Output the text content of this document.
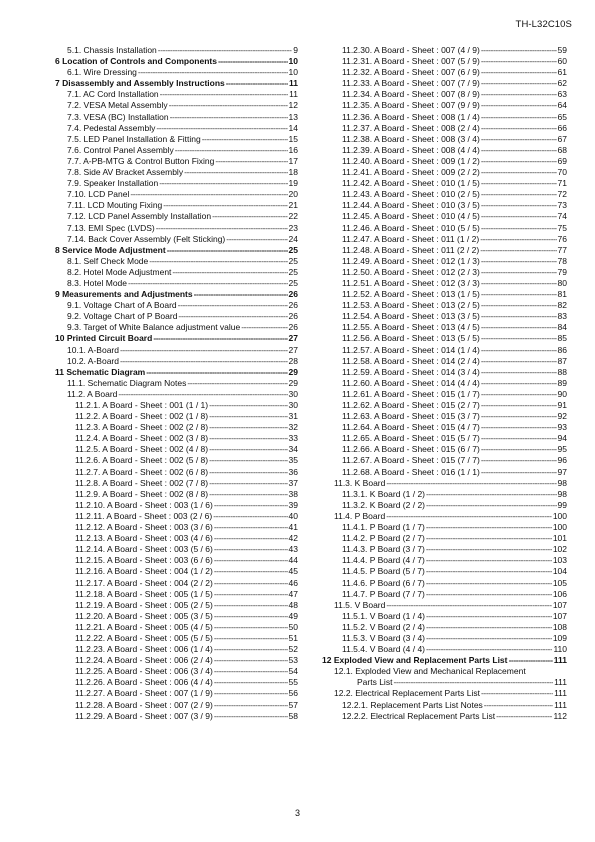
TH-L32C10S
5.1. Chassis Installation -----	9
6 Location of Controls and Components -----	10
6.1. Wire Dressing -----	10
7 Disassembly and Assembly Instructions -----	11
7.1. AC Cord Installation -----	11
7.2. VESA Metal Assembly -----	12
7.3. VESA (BC) Installation -----	13
7.4. Pedestal Assembly -----	14
7.5. LED Panel Installation & Fitting -----	15
7.6. Control Panel Assembly -----	16
7.7. A-PB-MTG & Control Button Fixing -----	17
7.8. Side AV Bracket Assembly -----	18
7.9. Speaker Installation -----	19
7.10. LCD Panel -----	20
7.11. LCD Mouting Fixing -----	21
7.12. LCD Panel Assembly Installation -----	22
7.13. EMI Spec (LVDS) -----	23
7.14. Back Cover Assembly (Felt Sticking) -----	24
8 Service Mode Adjustment -----	25
8.1. Self Check Mode -----	25
8.2. Hotel Mode Adjustment -----	25
8.3. Hotel Mode -----	25
9 Measurements and Adjustments -----	26
9.1. Voltage Chart of A Board -----	26
9.2. Voltage Chart of P Board -----	26
9.3. Target of White Balance adjustment value -----	26
10 Printed Circuit Board -----	27
10.1. A-Board -----	27
10.2. A-Board -----	28
11 Schematic Diagram -----	29
11.1. Schematic Diagram Notes -----	29
11.2. A Board -----	30
11.2.1. A Board - Sheet : 001 (1 / 1) -----	30
11.2.2. A Board - Sheet : 002 (1 / 8) -----	31
11.2.3. A Board - Sheet : 002 (2 / 8) -----	32
11.2.4. A Board - Sheet : 002 (3 / 8) -----	33
11.2.5. A Board - Sheet : 002 (4 / 8) -----	34
11.2.6. A Board - Sheet : 002 (5 / 8) -----	35
11.2.7. A Board - Sheet : 002 (6 / 8) -----	36
11.2.8. A Board - Sheet : 002 (7 / 8) -----	37
11.2.9. A Board - Sheet : 002 (8 / 8) -----	38
11.2.10. A Board - Sheet : 003 (1 / 6) -----	39
11.2.11. A Board - Sheet : 003 (2 / 6) -----	40
11.2.12. A Board - Sheet : 003 (3 / 6) -----	41
11.2.13. A Board - Sheet : 003 (4 / 6) -----	42
11.2.14. A Board - Sheet : 003 (5 / 6) -----	43
11.2.15. A Board - Sheet : 003 (6 / 6) -----	44
11.2.16. A Board - Sheet : 004 (1 / 2) -----	45
11.2.17. A Board - Sheet : 004 (2 / 2) -----	46
11.2.18. A Board - Sheet : 005 (1 / 5) -----	47
11.2.19. A Board - Sheet : 005 (2 / 5) -----	48
11.2.20. A Board - Sheet : 005 (3 / 5) -----	49
11.2.21. A Board - Sheet : 005 (4 / 5) -----	50
11.2.22. A Board - Sheet : 005 (5 / 5) -----	51
11.2.23. A Board - Sheet : 006 (1 / 4) -----	52
11.2.24. A Board - Sheet : 006 (2 / 4) -----	53
11.2.25. A Board - Sheet : 006 (3 / 4) -----	54
11.2.26. A Board - Sheet : 006 (4 / 4) -----	55
11.2.27. A Board - Sheet : 007 (1 / 9) -----	56
11.2.28. A Board - Sheet : 007 (2 / 9) -----	57
11.2.29. A Board - Sheet : 007 (3 / 9) -----	58
11.2.30. A Board - Sheet : 007 (4 / 9) -----	59
11.2.31. A Board - Sheet : 007 (5 / 9) -----	60
11.2.32. A Board - Sheet : 007 (6 / 9) -----	61
11.2.33. A Board - Sheet : 007 (7 / 9) -----	62
11.2.34. A Board - Sheet : 007 (8 / 9) -----	63
11.2.35. A Board - Sheet : 007 (9 / 9) -----	64
11.2.36. A Board - Sheet : 008 (1 / 4) -----	65
11.2.37. A Board - Sheet : 008 (2 / 4) -----	66
11.2.38. A Board - Sheet : 008 (3 / 4) -----	67
11.2.39. A Board - Sheet : 008 (4 / 4) -----	68
11.2.40. A Board - Sheet : 009 (1 / 2) -----	69
11.2.41. A Board - Sheet : 009 (2 / 2) -----	70
11.2.42. A Board - Sheet : 010 (1 / 5) -----	71
11.2.43. A Board - Sheet : 010 (2 / 5) -----	72
11.2.44. A Board - Sheet : 010 (3 / 5) -----	73
11.2.45. A Board - Sheet : 010 (4 / 5) -----	74
11.2.46. A Board - Sheet : 010 (5 / 5) -----	75
11.2.47. A Board - Sheet : 011 (1 / 2) -----	76
11.2.48. A Board - Sheet : 011 (2 / 2) -----	77
11.2.49. A Board - Sheet : 012 (1 / 3) -----	78
11.2.50. A Board - Sheet : 012 (2 / 3) -----	79
11.2.51. A Board - Sheet : 012 (3 / 3) -----	80
11.2.52. A Board - Sheet : 013 (1 / 5) -----	81
11.2.53. A Board - Sheet : 013 (2 / 5) -----	82
11.2.54. A Board - Sheet : 013 (3 / 5) -----	83
11.2.55. A Board - Sheet : 013 (4 / 5) -----	84
11.2.56. A Board - Sheet : 013 (5 / 5) -----	85
11.2.57. A Board - Sheet : 014 (1 / 4) -----	86
11.2.58. A Board - Sheet : 014 (2 / 4) -----	87
11.2.59. A Board - Sheet : 014 (3 / 4) -----	88
11.2.60. A Board - Sheet : 014 (4 / 4) -----	89
11.2.61. A Board - Sheet : 015 (1 / 7) -----	90
11.2.62. A Board - Sheet : 015 (2 / 7) -----	91
11.2.63. A Board - Sheet : 015 (3 / 7) -----	92
11.2.64. A Board - Sheet : 015 (4 / 7) -----	93
11.2.65. A Board - Sheet : 015 (5 / 7) -----	94
11.2.66. A Board - Sheet : 015 (6 / 7) -----	95
11.2.67. A Board - Sheet : 015 (7 / 7) -----	96
11.2.68. A Board - Sheet : 016 (1 / 1) -----	97
11.3. K Board -----	98
11.3.1. K Board (1 / 2) -----	98
11.3.2. K Board (2 / 2) -----	99
11.4. P Board -----	100
11.4.1. P Board (1 / 7) -----	100
11.4.2. P Board (2 / 7) -----	101
11.4.3. P Board (3 / 7) -----	102
11.4.4. P Board (4 / 7) -----	103
11.4.5. P Board (5 / 7) -----	104
11.4.6. P Board (6 / 7) -----	105
11.4.7. P Board (7 / 7) -----	106
11.5. V Board -----	107
11.5.1. V Board (1 / 4) -----	107
11.5.2. V Board (2 / 4) -----	108
11.5.3. V Board (3 / 4) -----	109
11.5.4. V Board (4 / 4) -----	110
12 Exploded View and Replacement Parts List -----	111
12.1. Exploded View and Mechanical Replacement
Parts List -----	111
12.2. Electrical Replacement Parts List -----	111
12.2.1. Replacement Parts List Notes -----	111
12.2.2. Electrical Replacement Parts List -----	112
3
